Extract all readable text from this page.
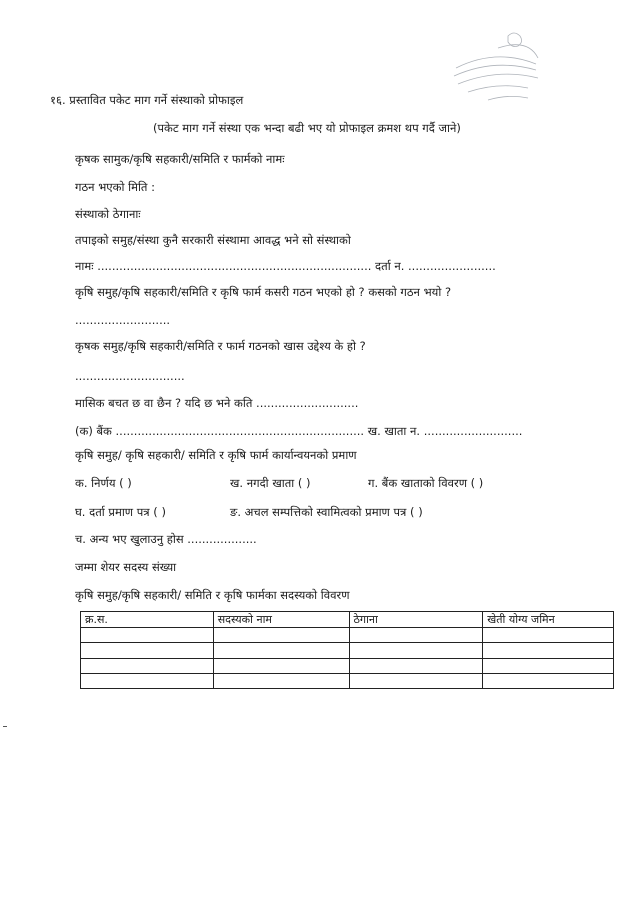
१६. प्रस्तावित पकेट माग गर्ने संस्थाको प्रोफाइल
(पकेट माग गर्ने संस्था एक भन्दा बढी भए यो प्रोफाइल क्रमश थप गर्दै जाने)
कृषक सामुक/कृषि सहकारी/समिति र फार्मको नामः
गठन भएको मिति :
संस्थाको ठेगानाः
तपाइको समुह/संस्था कुनै सरकारी संस्थामा आवद्ध भने सो संस्थाको
नामः ........................................................................... दर्ता न. ........................
कृषि समुह/कृषि सहकारी/समिति र कृषि फार्म कसरी गठन भएको हो ? कसको गठन भयो ?
..........................
कृषक समुह/कृषि सहकारी/समिति र फार्म गठनको खास उद्देश्य के हो ?
..............................
मासिक बचत छ वा छैन ? यदि छ भने कति ............................
(क) बैंक .................................................................... ख. खाता न. ...........................
कृषि समुह/ कृषि सहकारी/ समिति र कृषि फार्म कार्यान्वयनको प्रमाण
क. निर्णय ( )	ख. नगदी खाता ( )	ग. बैंक खाताको विवरण ( )
घ. दर्ता प्रमाण पत्र ( )	ङ. अचल सम्पत्तिको स्वामित्वको प्रमाण पत्र ( )
च. अन्य भए खुलाउनु होस ...................
जम्मा शेयर सदस्य संख्या
कृषि समुह/कृषि सहकारी/ समिति र कृषि फार्मका सदस्यको विवरण
क्र.स.	सदस्यको नाम	ठेगाना	खेती योग्य जमिन
